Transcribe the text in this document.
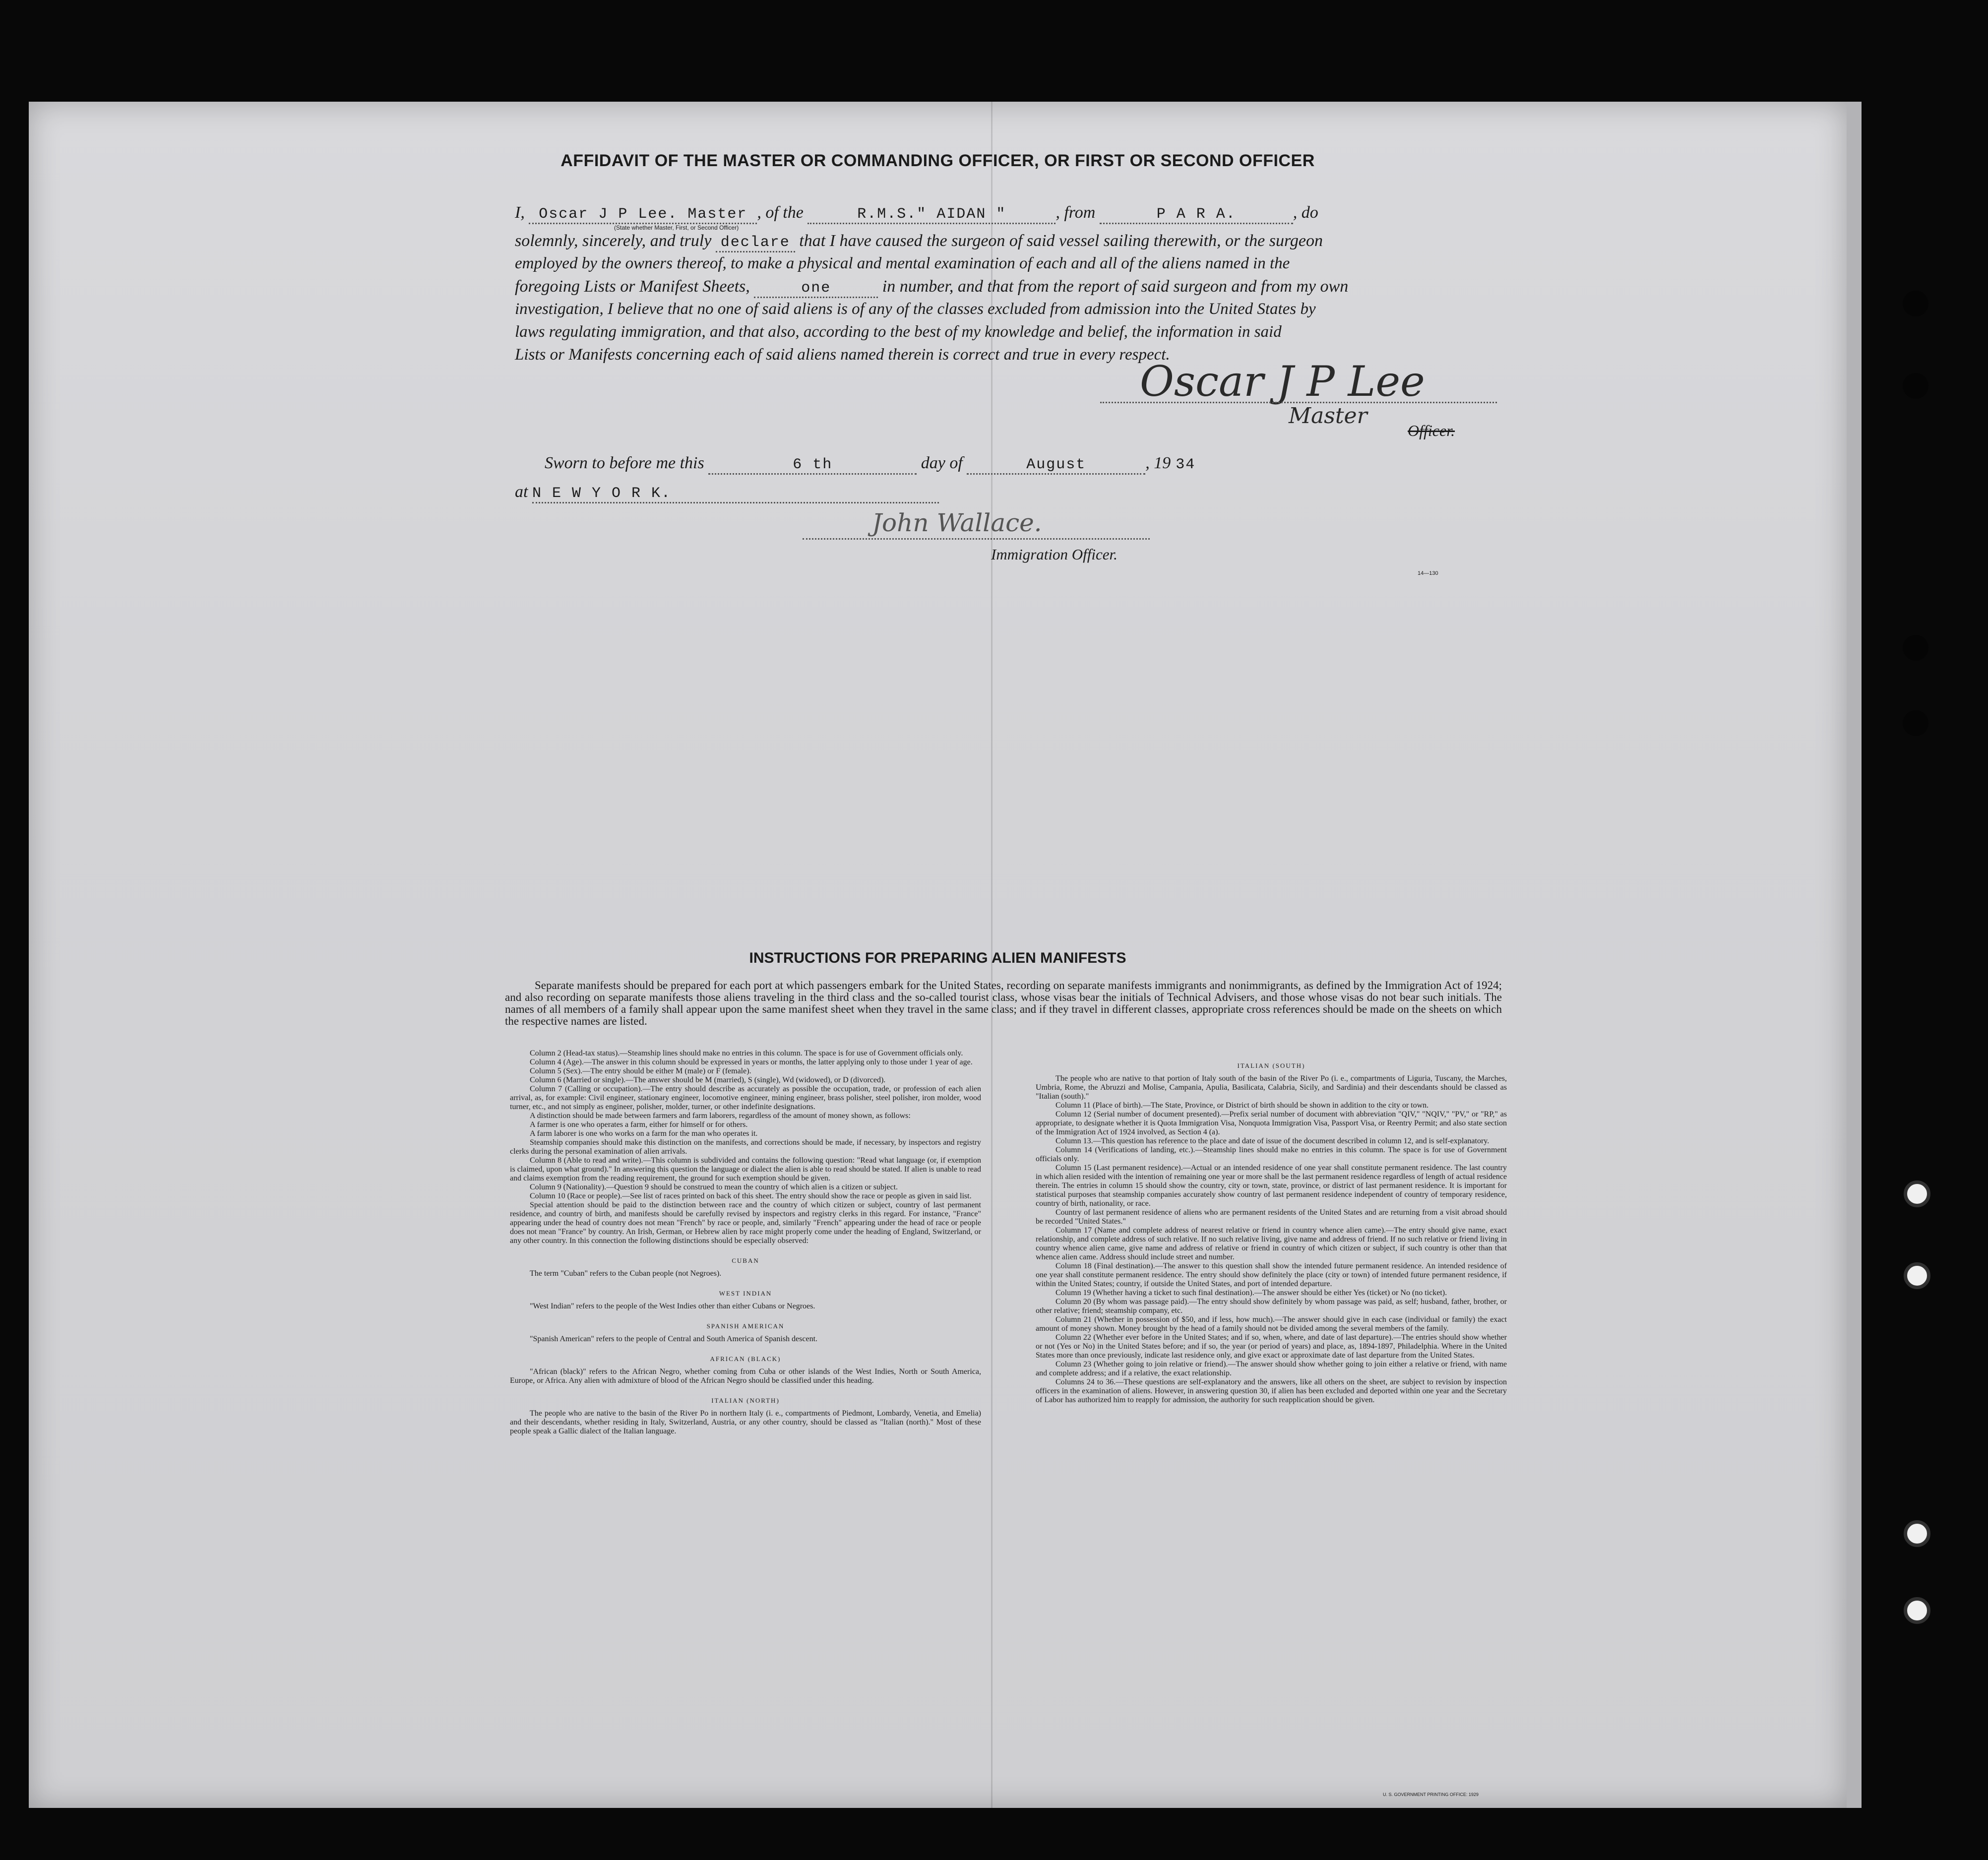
AFFIDAVIT OF THE MASTER OR COMMANDING OFFICER, OR FIRST OR SECOND OFFICER
I, Oscar J P Lee. Master , of the	R.M.S." AIDAN "	, from	P A R A.	, do
(State whether Master, First, or Second Officer)
solemnly, sincerely, and truly declare that I have caused the surgeon of said vessel sailing therewith, or the surgeon
employed by the owners thereof, to make a physical and mental examination of each and all of the aliens named in the
foregoing Lists or Manifest Sheets,	one	in number, and that from the report of said surgeon and from my own
investigation, I believe that no one of said aliens is of any of the classes excluded from admission into the United States by
laws regulating immigration, and that also, according to the best of my knowledge and belief, the information in said
Lists or Manifests concerning each of said aliens named therein is correct and true in every respect.
Oscar J P Lee
Master
Officer.
Sworn to before me this	6 th	day of	August	, 19 34
at N E W Y O R K.
John Wallace.
Immigration Officer.
14—130
INSTRUCTIONS FOR PREPARING ALIEN MANIFESTS
Separate manifests should be prepared for each port at which passengers embark for the United States, recording on separate manifests immigrants and nonimmigrants, as defined by the Immigration Act of 1924; and also recording on separate manifests those aliens traveling in the third class and the so-called tourist class, whose visas bear the initials of Technical Advisers, and those whose visas do not bear such initials. The names of all members of a family shall appear upon the same manifest sheet when they travel in the same class; and if they travel in different classes, appropriate cross references should be made on the sheets on which the respective names are listed.

Column 2 (Head-tax status).—Steamship lines should make no entries in this column. The space is for use of Government officials only.

Column 4 (Age).—The answer in this column should be expressed in years or months, the latter applying only to those under 1 year of age.

Column 5 (Sex).—The entry should be either M (male) or F (female).

Column 6 (Married or single).—The answer should be M (married), S (single), Wd (widowed), or D (divorced).

Column 7 (Calling or occupation).—The entry should describe as accurately as possible the occupation, trade, or profession of each alien arrival, as, for example: Civil engineer, stationary engineer, locomotive engineer, mining engineer, brass polisher, steel polisher, iron molder, wood turner, etc., and not simply as engineer, polisher, molder, turner, or other indefinite designations.

A distinction should be made between farmers and farm laborers, regardless of the amount of money shown, as follows:

A farmer is one who operates a farm, either for himself or for others.

A farm laborer is one who works on a farm for the man who operates it.

Steamship companies should make this distinction on the manifests, and corrections should be made, if necessary, by inspectors and registry clerks during the personal examination of alien arrivals.

Column 8 (Able to read and write).—This column is subdivided and contains the following question: "Read what language (or, if exemption is claimed, upon what ground)." In answering this question the language or dialect the alien is able to read should be stated. If alien is unable to read and claims exemption from the reading requirement, the ground for such exemption should be given.

Column 9 (Nationality).—Question 9 should be construed to mean the country of which alien is a citizen or subject.

Column 10 (Race or people).—See list of races printed on back of this sheet. The entry should show the race or people as given in said list.

Special attention should be paid to the distinction between race and the country of which citizen or subject, country of last permanent residence, and country of birth, and manifests should be carefully revised by inspectors and registry clerks in this regard. For instance, "France" appearing under the head of country does not mean "French" by race or people, and, similarly "French" appearing under the head of race or people does not mean "France" by country. An Irish, German, or Hebrew alien by race might properly come under the heading of England, Switzerland, or any other country. In this connection the following distinctions should be especially observed:

CUBAN

The term "Cuban" refers to the Cuban people (not Negroes).

WEST INDIAN

"West Indian" refers to the people of the West Indies other than either Cubans or Negroes.

SPANISH AMERICAN

"Spanish American" refers to the people of Central and South America of Spanish descent.

AFRICAN (BLACK)

"African (black)" refers to the African Negro, whether coming from Cuba or other islands of the West Indies, North or South America, Europe, or Africa. Any alien with admixture of blood of the African Negro should be classified under this heading.

ITALIAN (NORTH)

The people who are native to the basin of the River Po in northern Italy (i. e., compartments of Piedmont, Lombardy, Venetia, and Emelia) and their descendants, whether residing in Italy, Switzerland, Austria, or any other country, should be classed as "Italian (north)." Most of these people speak a Gallic dialect of the Italian language.

ITALIAN (SOUTH)

The people who are native to that portion of Italy south of the basin of the River Po (i. e., compartments of Liguria, Tuscany, the Marches, Umbria, Rome, the Abruzzi and Molise, Campania, Apulia, Basilicata, Calabria, Sicily, and Sardinia) and their descendants should be classed as "Italian (south)."

Column 11 (Place of birth).—The State, Province, or District of birth should be shown in addition to the city or town.

Column 12 (Serial number of document presented).—Prefix serial number of document with abbreviation "QIV," "NQIV," "PV," or "RP," as appropriate, to designate whether it is Quota Immigration Visa, Nonquota Immigration Visa, Passport Visa, or Reentry Permit; and also state section of the Immigration Act of 1924 involved, as Section 4 (a).

Column 13.—This question has reference to the place and date of issue of the document described in column 12, and is self-explanatory.

Column 14 (Verifications of landing, etc.).—Steamship lines should make no entries in this column. The space is for use of Government officials only.

Column 15 (Last permanent residence).—Actual or an intended residence of one year shall constitute permanent residence. The last country in which alien resided with the intention of remaining one year or more shall be the last permanent residence regardless of length of actual residence therein. The entries in column 15 should show the country, city or town, state, province, or district of last permanent residence. It is important for statistical purposes that steamship companies accurately show country of last permanent residence independent of country of temporary residence, country of birth, nationality, or race.

Country of last permanent residence of aliens who are permanent residents of the United States and are returning from a visit abroad should be recorded "United States."

Column 17 (Name and complete address of nearest relative or friend in country whence alien came).—The entry should give name, exact relationship, and complete address of such relative. If no such relative living, give name and address of friend. If no such relative or friend living in country whence alien came, give name and address of relative or friend in country of which citizen or subject, if such country is other than that whence alien came. Address should include street and number.

Column 18 (Final destination).—The answer to this question shall show the intended future permanent residence. An intended residence of one year shall constitute permanent residence. The entry should show definitely the place (city or town) of intended future permanent residence, if within the United States; country, if outside the United States, and port of intended departure.

Column 19 (Whether having a ticket to such final destination).—The answer should be either Yes (ticket) or No (no ticket).

Column 20 (By whom was passage paid).—The entry should show definitely by whom passage was paid, as self; husband, father, brother, or other relative; friend; steamship company, etc.

Column 21 (Whether in possession of $50, and if less, how much).—The answer should give in each case (individual or family) the exact amount of money shown. Money brought by the head of a family should not be divided among the several members of the family.

Column 22 (Whether ever before in the United States; and if so, when, where, and date of last departure).—The entries should show whether or not (Yes or No) in the United States before; and if so, the year (or period of years) and place, as, 1894-1897, Philadelphia. Where in the United States more than once previously, indicate last residence only, and give exact or approximate date of last departure from the United States.

Column 23 (Whether going to join relative or friend).—The answer should show whether going to join either a relative or friend, with name and complete address; and if a relative, the exact relationship.

Columns 24 to 36.—These questions are self-explanatory and the answers, like all others on the sheet, are subject to revision by inspection officers in the examination of aliens. However, in answering question 30, if alien has been excluded and deported within one year and the Secretary of Labor has authorized him to reapply for admission, the authority for such reapplication should be given.

U. S. GOVERNMENT PRINTING OFFICE: 1929
